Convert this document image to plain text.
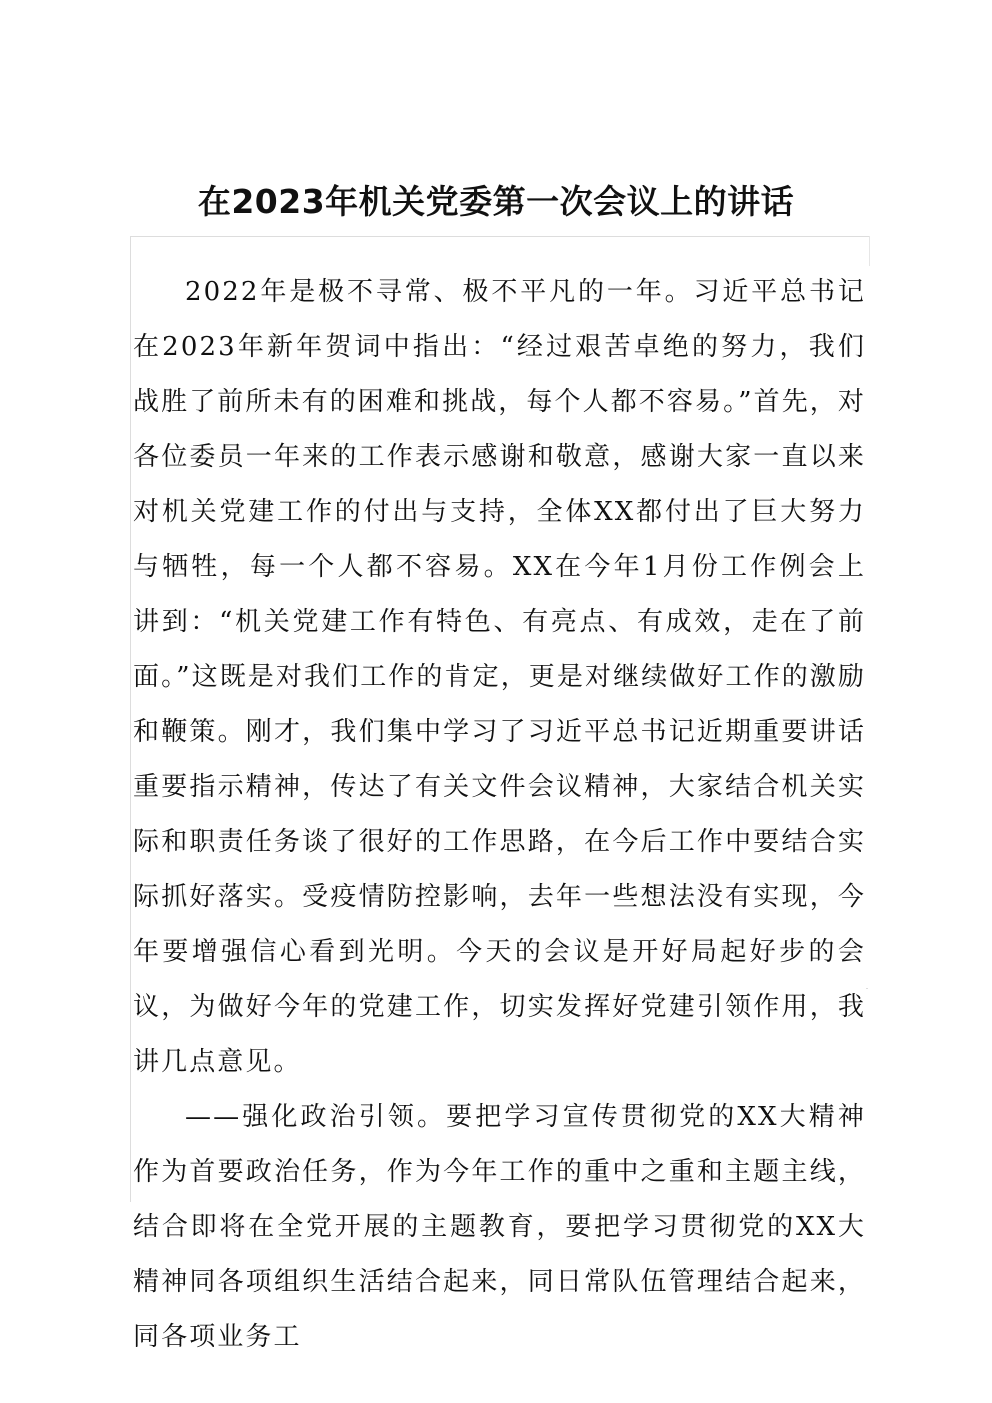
在2023年机关党委第一次会议上的讲话

2022年是极不寻常、极不平凡的一年。习近平总书记在2023年新年贺词中指出：“经过艰苦卓绝的努力，我们战胜了前所未有的困难和挑战，每个人都不容易。”首先，对各位委员一年来的工作表示感谢和敬意，感谢大家一直以来对机关党建工作的付出与支持，全体XX都付出了巨大努力与牺牲，每一个人都不容易。XX在今年1月份工作例会上讲到：“机关党建工作有特色、有亮点、有成效，走在了前面。”这既是对我们工作的肯定，更是对继续做好工作的激励和鞭策。刚才，我们集中学习了习近平总书记近期重要讲话重要指示精神，传达了有关文件会议精神，大家结合机关实际和职责任务谈了很好的工作思路，在今后工作中要结合实际抓好落实。受疫情防控影响，去年一些想法没有实现，今年要增强信心看到光明。今天的会议是开好局起好步的会议，为做好今年的党建工作，切实发挥好党建引领作用，我讲几点意见。

——强化政治引领。要把学习宣传贯彻党的XX大精神作为首要政治任务，作为今年工作的重中之重和主题主线，结合即将在全党开展的主题教育，要把学习贯彻党的XX大精神同各项组织生活结合起来，同日常队伍管理结合起来，同各项业务工
